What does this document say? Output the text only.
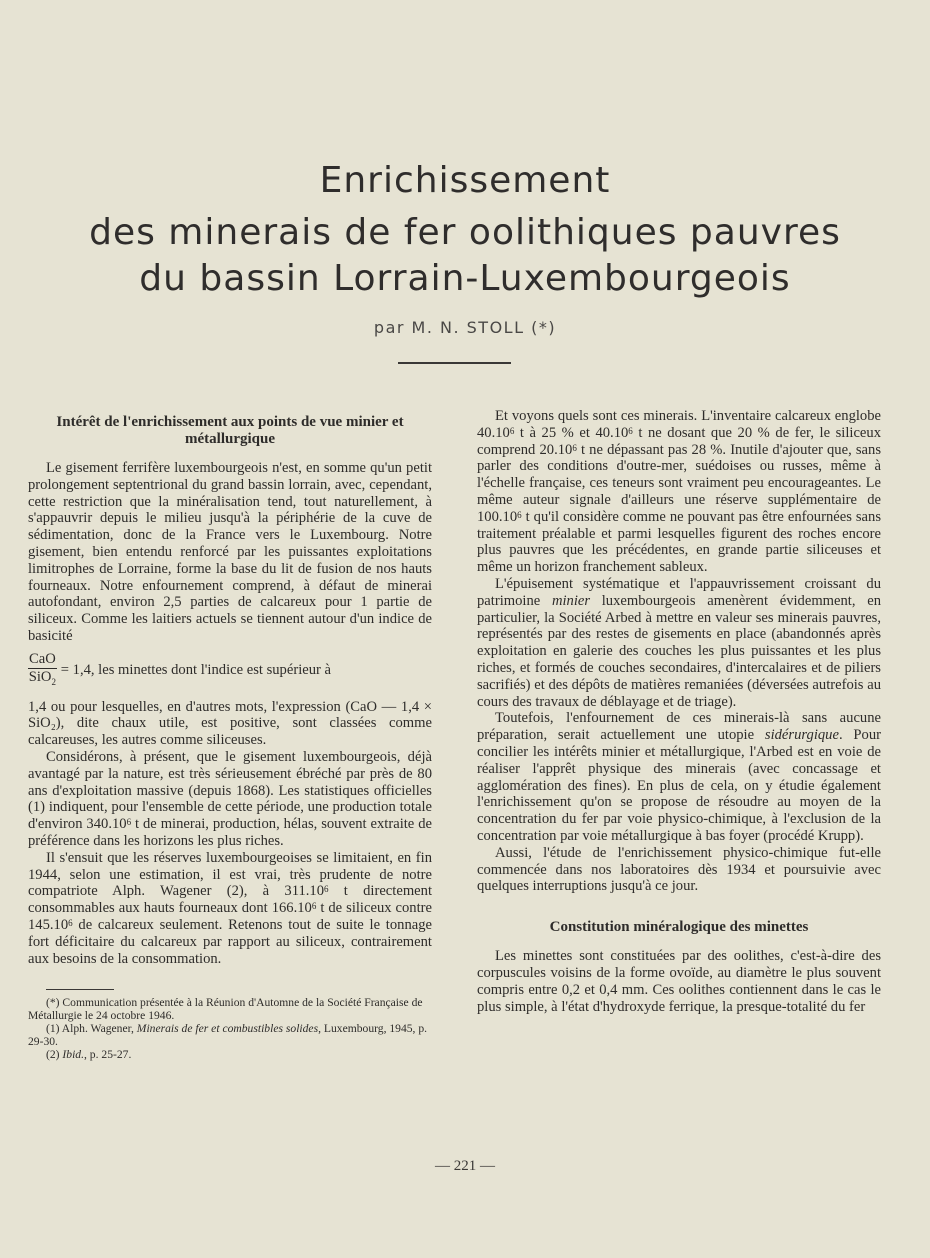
Enrichissement
des minerais de fer oolithiques pauvres
du bassin Lorrain-Luxembourgeois
par M. N. STOLL (*)
Intérêt de l'enrichissement aux points de vue minier et métallurgique

Le gisement ferrifère luxembourgeois n'est, en somme qu'un petit prolongement septentrional du grand bassin lorrain, avec, cependant, cette restriction que la minéralisation tend, tout naturellement, à s'appauvrir depuis le milieu jusqu'à la périphérie de la cuve de sédimentation, donc de la France vers le Luxembourg. Notre gisement, bien entendu renforcé par les puissantes exploitations limitrophes de Lorraine, forme la base du lit de fusion de nos hauts fourneaux. Notre enfournement comprend, à défaut de minerai autofondant, environ 2,5 parties de calcareux pour 1 partie de siliceux. Comme les laitiers actuels se tiennent autour d'un indice de basicité

$\frac{\text{CaO}}{SiO_2} = 1,4$, les minettes dont l'indice est supérieur à

1,4 ou pour lesquelles, en d'autres mots, l'expression (CaO — 1,4 × SiO₂), dite chaux utile, est positive, sont classées comme calcareuses, les autres comme siliceuses.

Considérons, à présent, que le gisement luxembourgeois, déjà avantagé par la nature, est très sérieusement ébréché par près de 80 ans d'exploitation massive (depuis 1868). Les statistiques officielles (1) indiquent, pour l'ensemble de cette période, une production totale d'environ 340.10$^6$ t de minerai, production, hélas, souvent extraite de préférence dans les horizons les plus riches.

Il s'ensuit que les réserves luxembourgeoises se limitaient, en fin 1944, selon une estimation, il est vrai, très prudente de notre compatriote Alph. Wagener (2), à 311.10$^6$ t directement consommables aux hauts fourneaux dont 166.10$^6$ t de siliceux contre 145.10$^6$ de calcareux seulement. Retenons tout de suite le tonnage fort déficitaire du calcareux par rapport au siliceux, contrairement aux besoins de la consommation.

(*) Communication présentée à la Réunion d'Automne de la Société Française de Métallurgie le 24 octobre 1946.

(1) Alph. Wagener, Minerais de fer et combustibles solides, Luxembourg, 1945, p. 29-30.

(2) Ibid., p. 25-27.

Et voyons quels sont ces minerais. L'inventaire calcareux englobe 40.10$^6$ t à 25 % et 40.10$^6$ t ne dosant que 20 % de fer, le siliceux comprend 20.10$^6$ t ne dépassant pas 28 %. Inutile d'ajouter que, sans parler des conditions d'outre-mer, suédoises ou russes, même à l'échelle française, ces teneurs sont vraiment peu encourageantes. Le même auteur signale d'ailleurs une réserve supplémentaire de 100.10$^6$ t qu'il considère comme ne pouvant pas être enfournées sans traitement préalable et parmi lesquelles figurent des roches encore plus pauvres que les précédentes, en grande partie siliceuses et même un horizon franchement sableux.

L'épuisement systématique et l'appauvrissement croissant du patrimoine minier luxembourgeois amenèrent évidemment, en particulier, la Société Arbed à mettre en valeur ses minerais pauvres, représentés par des restes de gisements en place (abandonnés après exploitation en galerie des couches les plus puissantes et les plus riches, et formés de couches secondaires, d'intercalaires et de piliers sacrifiés) et des dépôts de matières remaniées (déversées autrefois au cours des travaux de déblayage et de triage).

Toutefois, l'enfournement de ces minerais-là sans aucune préparation, serait actuellement une utopie sidérurgique. Pour concilier les intérêts minier et métallurgique, l'Arbed est en voie de réaliser l'apprêt physique des minerais (avec concassage et agglomération des fines). En plus de cela, on y étudie également l'enrichissement qu'on se propose de résoudre au moyen de la concentration du fer par voie physico-chimique, à l'exclusion de la concentration par voie métallurgique à bas foyer (procédé Krupp).

Aussi, l'étude de l'enrichissement physico-chimique fut-elle commencée dans nos laboratoires dès 1934 et poursuivie avec quelques interruptions jusqu'à ce jour.

Constitution minéralogique des minettes

Les minettes sont constituées par des oolithes, c'est-à-dire des corpuscules voisins de la forme ovoïde, au diamètre le plus souvent compris entre 0,2 et 0,4 mm. Ces oolithes contiennent dans le cas le plus simple, à l'état d'hydroxyde ferrique, la presque-totalité du fer

— 221 —
